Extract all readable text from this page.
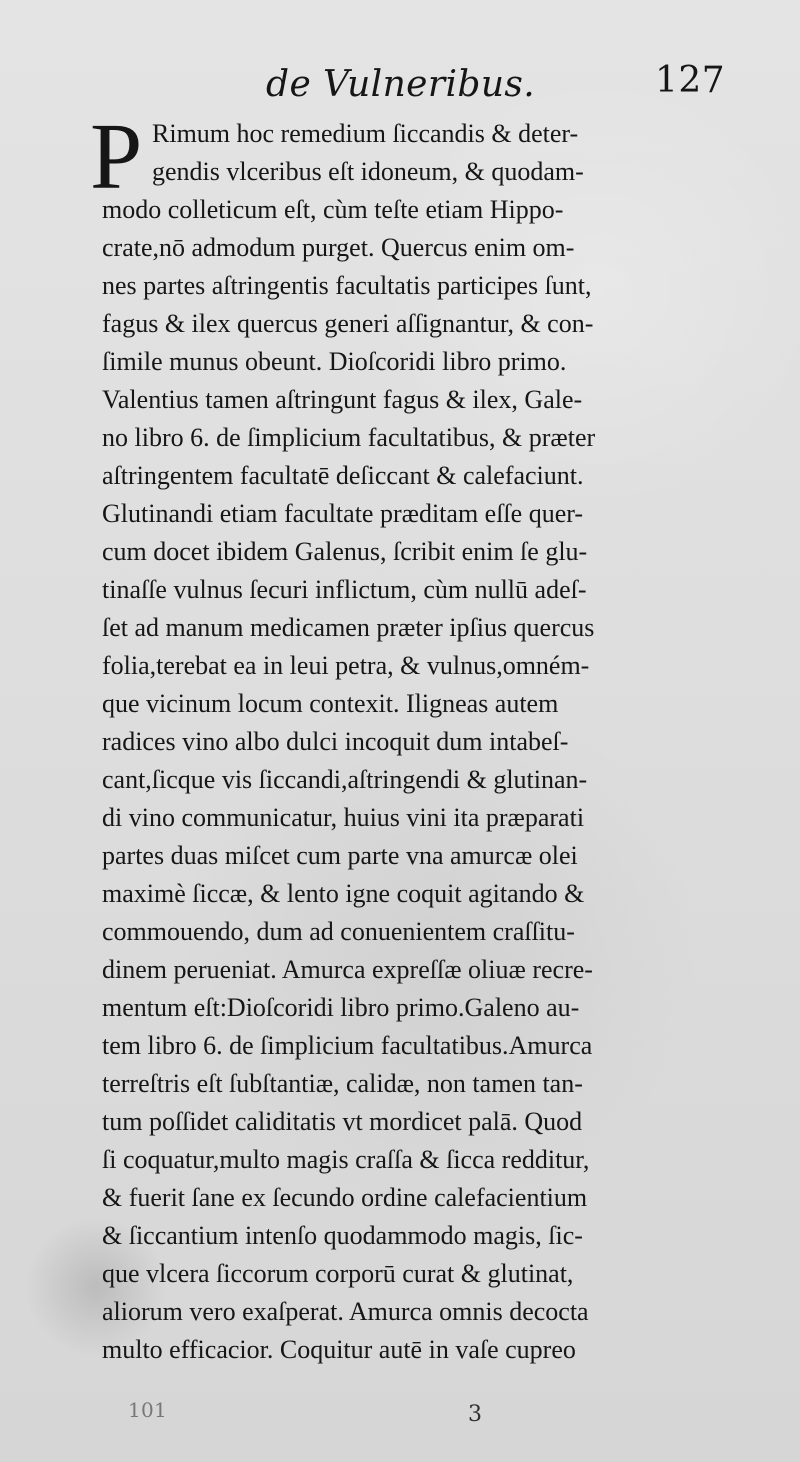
de Vulneribus.	127
P Rimum hoc remedium ſiccandis & deter-
gendis vlceribus eſt idoneum, & quodam-
modo colleticum eſt, cùm teſte etiam Hippo-
crate,nō admodum purget. Quercus enim om-
nes partes aſtringentis facultatis participes ſunt,
fagus & ilex quercus generi aſſignantur, & con-
ſimile munus obeunt. Dioſcoridi libro primo.
Valentius tamen aſtringunt fagus & ilex, Gale-
no libro 6. de ſimplicium facultatibus, & præter
aſtringentem facultatē deſiccant & calefaciunt.
Glutinandi etiam facultate præditam eſſe quer-
cum docet ibidem Galenus, ſcribit enim ſe glu-
tinaſſe vulnus ſecuri inflictum, cùm nullū adeſ-
ſet ad manum medicamen præter ipſius quercus
folia,terebat ea in leui petra, & vulnus,omném-
que vicinum locum contexit. Iligneas autem
radices vino albo dulci incoquit dum intabeſ-
cant,ſicque vis ſiccandi,aſtringendi & glutinan-
di vino communicatur, huius vini ita præparati
partes duas miſcet cum parte vna amurcæ olei
maximè ſiccæ, & lento igne coquit agitando &
commouendo, dum ad conuenientem craſſitu-
dinem perueniat. Amurca expreſſæ oliuæ recre-
mentum eſt:Dioſcoridi libro primo.Galeno au-
tem libro 6. de ſimplicium facultatibus.Amurca
terreſtris eſt ſubſtantiæ, calidæ, non tamen tan-
tum poſſidet caliditatis vt mordicet palā. Quod
ſi coquatur,multo magis craſſa & ſicca redditur,
& fuerit ſane ex ſecundo ordine calefacientium
& ſiccantium intenſo quodammodo magis, ſic-
que vlcera ſiccorum corporū curat & glutinat,
aliorum vero exaſperat. Amurca omnis decocta
multo efficacior. Coquitur autē in vaſe cupreo
101	3
